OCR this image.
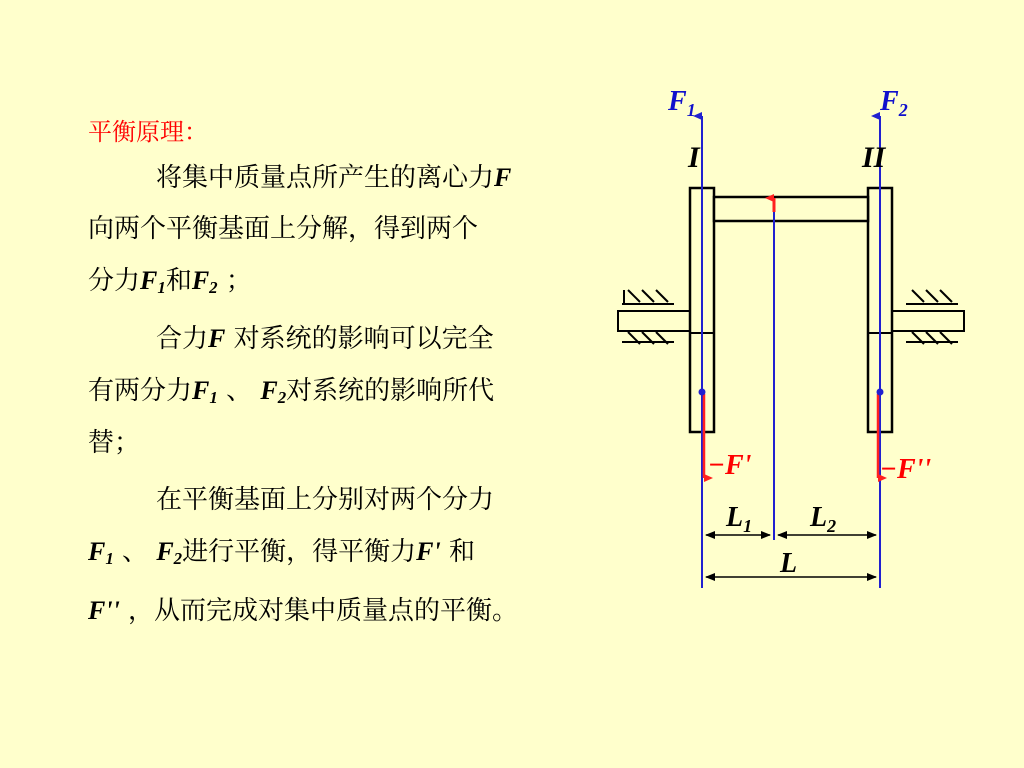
平衡原理：
将集中质量点所产生的离心力F
向两个平衡基面上分解，得到两个
分力$F_1$和$F_2$ ；
合力F 对系统的影响可以完全
有两分力$F_1$ 、 $F_2$对系统的影响所代
替；
在平衡基面上分别对两个分力
$F_1$ 、 $F_2$进行平衡，得平衡力F' 和
F'' ，从而完成对集中质量点的平衡。
$F_1$	$F_2$
I	II
−F'	−F''
$L_1$ $L_2$
L
